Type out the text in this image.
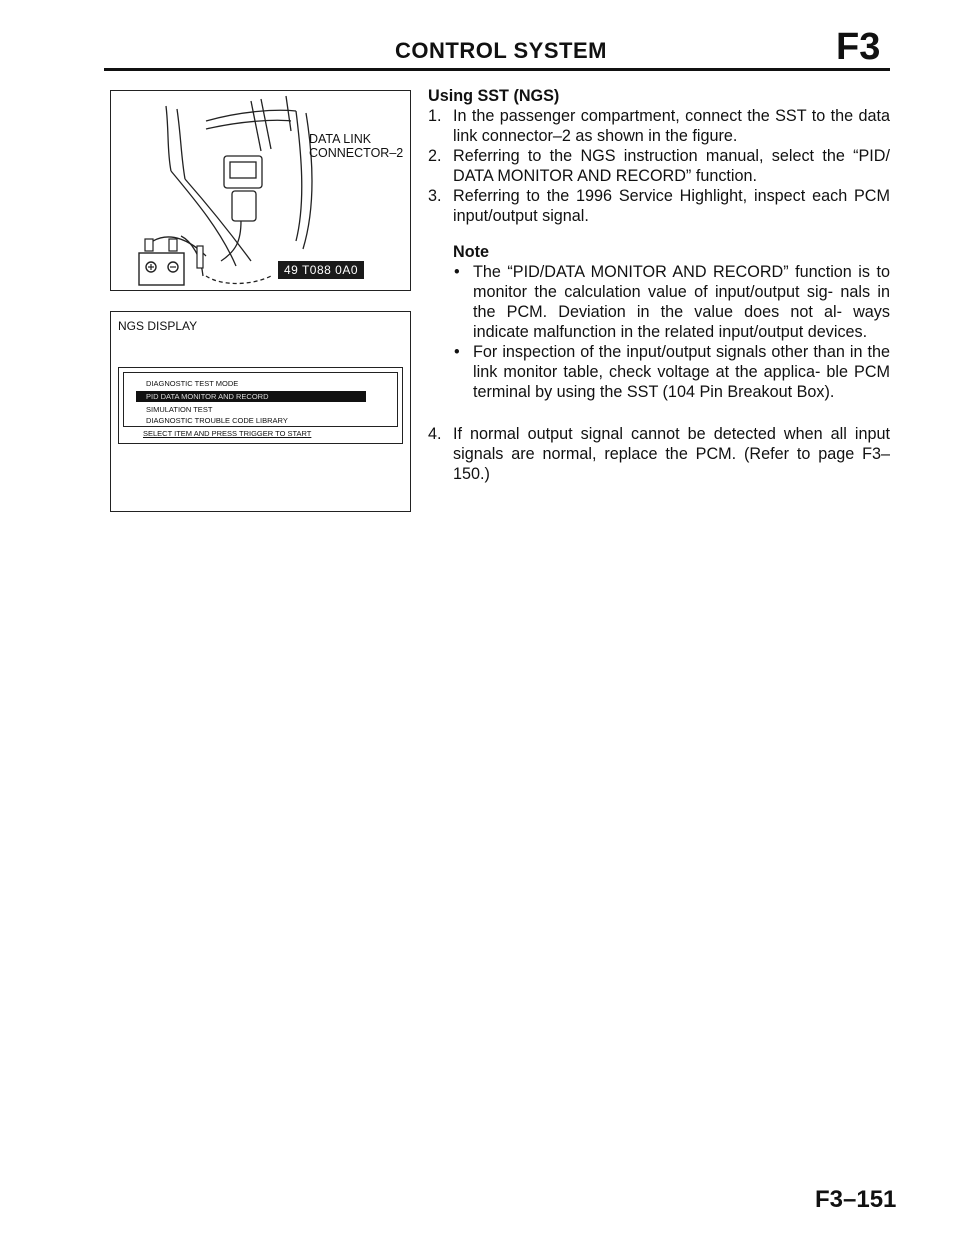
CONTROL SYSTEM	F3
DATA LINK
CONNECTOR–2
49 T088 0A0
NGS DISPLAY
DIAGNOSTIC TEST MODE
PID DATA MONITOR AND RECORD
SIMULATION TEST
DIAGNOSTIC TROUBLE CODE LIBRARY
SELECT ITEM AND PRESS TRIGGER TO START
Using SST (NGS)
1. In the passenger compartment, connect the SST to the data link connector–2 as shown in the figure.
2. Referring to the NGS instruction manual, select the “PID/ DATA MONITOR AND RECORD” function.
3. Referring to the 1996 Service Highlight, inspect each PCM input/output signal.
Note
• The “PID/DATA MONITOR AND RECORD” function is to monitor the calculation value of input/output sig- nals in the PCM. Deviation in the value does not al- ways indicate malfunction in the related input/output devices.
• For inspection of the input/output signals other than in the link monitor table, check voltage at the applica- ble PCM terminal by using the SST (104 Pin Breakout Box).
4. If normal output signal cannot be detected when all input signals are normal, replace the PCM. (Refer to page F3–150.)
F3–151
